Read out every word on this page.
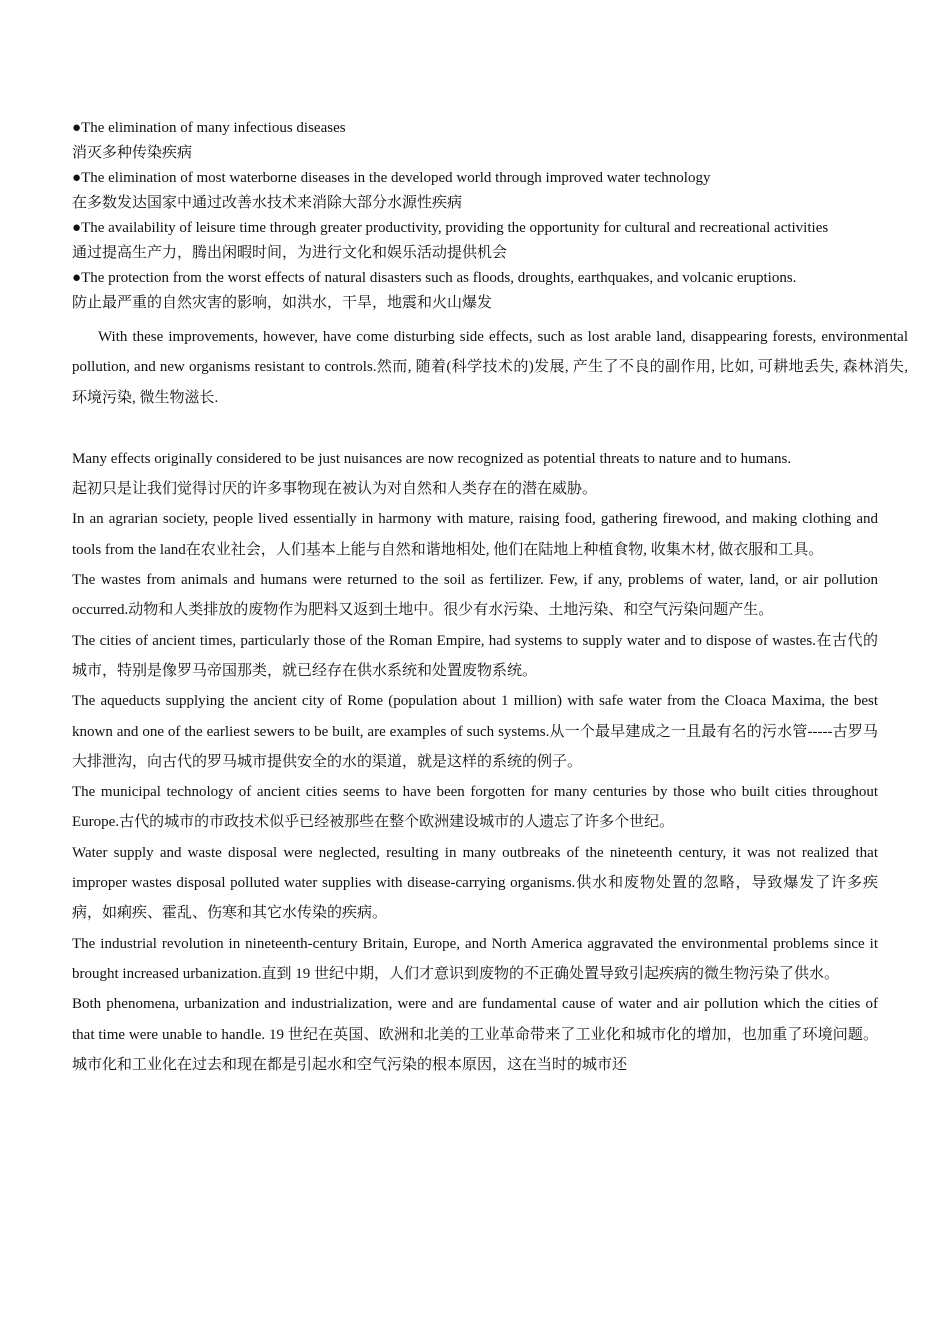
●The elimination of many infectious diseases
消灭多种传染疾病
●The elimination of most waterborne diseases in the developed world through improved water technology
在多数发达国家中通过改善水技术来消除大部分水源性疾病
●The availability of leisure time through greater productivity, providing the opportunity for cultural and recreational activities
通过提高生产力，腾出闲暇时间，为进行文化和娱乐活动提供机会
●The protection from the worst effects of natural disasters such as floods, droughts, earthquakes, and volcanic eruptions.
防止最严重的自然灾害的影响，如洪水，干旱，地震和火山爆发

With these improvements, however, have come disturbing side effects, such as lost arable land, disappearing forests, environmental pollution, and new organisms resistant to controls.然而, 随着(科学技术的)发展, 产生了不良的副作用, 比如, 可耕地丢失, 森林消失, 环境污染, 微生物滋长.

Many effects originally considered to be just nuisances are now recognized as potential threats to nature and to humans.
起初只是让我们觉得讨厌的许多事物现在被认为对自然和人类存在的潜在威胁。

In an agrarian society, people lived essentially in harmony with mature, raising food, gathering firewood, and making clothing and tools from the land在农业社会，人们基本上能与自然和谐地相处, 他们在陆地上种植食物, 收集木材, 做衣服和工具。

The wastes from animals and humans were returned to the soil as fertilizer. Few, if any, problems of water, land, or air pollution occurred.动物和人类排放的废物作为肥料又返到土地中。很少有水污染、土地污染、和空气污染问题产生。

The cities of ancient times, particularly those of the Roman Empire, had systems to supply water and to dispose of wastes.在古代的城市，特别是像罗马帝国那类，就已经存在供水系统和处置废物系统。

The aqueducts supplying the ancient city of Rome (population about 1 million) with safe water from the Cloaca Maxima, the best known and one of the earliest sewers to be built, are examples of such systems.从一个最早建成之一且最有名的污水管-----古罗马大排泄沟，向古代的罗马城市提供安全的水的渠道，就是这样的系统的例子。

The municipal technology of ancient cities seems to have been forgotten for many centuries by those who built cities throughout Europe.古代的城市的市政技术似乎已经被那些在整个欧洲建设城市的人遗忘了许多个世纪。

Water supply and waste disposal were neglected, resulting in many outbreaks of the nineteenth century, it was not realized that improper wastes disposal polluted water supplies with disease-carrying organisms.供水和废物处置的忽略，导致爆发了许多疾病，如痢疾、霍乱、伤寒和其它水传染的疾病。

The industrial revolution in nineteenth-century Britain, Europe, and North America aggravated the environmental problems since it brought increased urbanization.直到 19 世纪中期，人们才意识到废物的不正确处置导致引起疾病的微生物污染了供水。

Both phenomena, urbanization and industrialization, were and are fundamental cause of water and air pollution which the cities of that time were unable to handle. 19 世纪在英国、欧洲和北美的工业革命带来了工业化和城市化的增加，也加重了环境问题。城市化和工业化在过去和现在都是引起水和空气污染的根本原因，这在当时的城市还
